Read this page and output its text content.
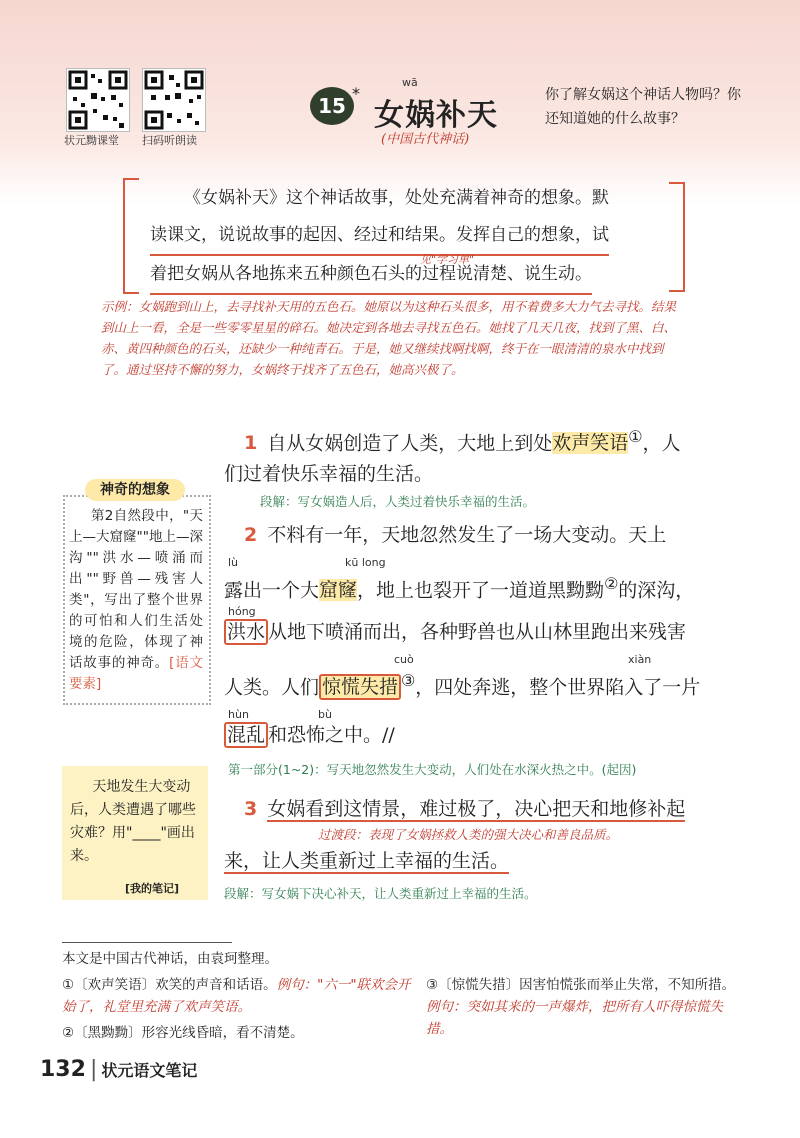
状元黝课堂 扫码听朗读
15
*
wā
女娲补天
(中国古代神话)
你了解女娲这个神话人物吗？你还知道她的什么故事？
《女娲补天》这个神话故事，处处充满着神奇的想象。默
读课文，说说故事的起因、经过和结果。发挥自己的想象，试 着把女娲从各地拣来五种颜色石头的过程说清楚、说生动。
见"学习单"
示例：女娲跑到山上，去寻找补天用的五色石。她原以为这种石头很多，用不着费多大力气去寻找。结果到山上一看，全是一些零零星星的碎石。她决定到各地去寻找五色石。她找了几天几夜，找到了黑、白、赤、黄四种颜色的石头，还缺少一种纯青石。于是，她又继续找啊找啊，终于在一眼清清的泉水中找到了。通过坚持不懈的努力，女娲终于找齐了五色石，她高兴极了。
1 自从女娲创造了人类，大地上到处欢声笑语①，人
们过着快乐幸福的生活。
段解：写女娲造人后，人类过着快乐幸福的生活。
神奇的想象
第2自然段中，"天上—大窟窿""地上—深沟""洪水—喷涌而出""野兽—残害人类"，写出了整个世界的可怕和人们生活处境的危险，体现了神话故事的神奇。[语文要素]
2 不料有一年，天地忽然发生了一场大变动。天上
lù	kū long
露出一个大窟窿，地上也裂开了一道道黑黝黝②的深沟，
hóng
洪水 从地下喷涌而出，各种野兽也从山林里跑出来残害
cuò	xiàn
人类。人们 惊慌失措 ③，四处奔逃，整个世界陷入了一片
hùn	bù
混乱 和恐怖之中。//
第一部分(1~2)：写天地忽然发生大变动，人们处在水深火热之中。(起因)
天地发生大变动后，人类遭遇了哪些灾难？用"____"画出来。
[我的笔记]
3 女娲看到这情景，难过极了，决心把天和地修补起
过渡段：表现了女娲拯救人类的强大决心和善良品质。
来，让人类重新过上幸福的生活。
段解：写女娲下决心补天，让人类重新过上幸福的生活。
本文是中国古代神话，由袁珂整理。
①〔欢声笑语〕欢笑的声音和话语。例句："六一"联欢会开始了，礼堂里充满了欢声笑语。
②〔黑黝黝〕形容光线昏暗，看不清楚。
③〔惊慌失措〕因害怕慌张而举止失常，不知所措。例句：突如其来的一声爆炸，把所有人吓得惊慌失措。
132 | 状元语文笔记
